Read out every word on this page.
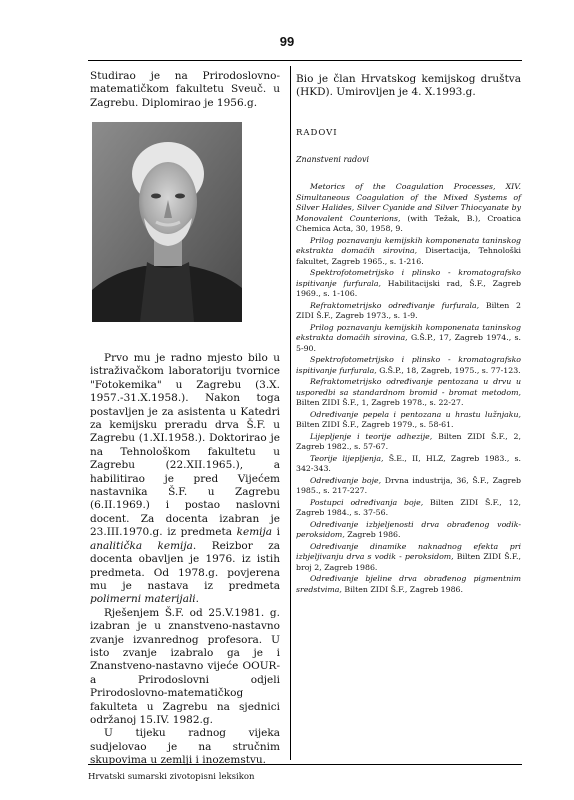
99

Studirao je na Prirodoslovno-matematičkom fakultetu Sveuč. u Zagrebu. Diplomirao je 1956.g.

Prvo mu je radno mjesto bilo u istraživačkom laboratoriju tvornice "Fotokemika" u Zagrebu (3.X. 1957.-31.X.1958.). Nakon toga postavljen je za asistenta u Katedri za kemijsku preradu drva Š.F. u Zagrebu (1.XI.1958.). Doktorirao je na Tehnološkom fakultetu u Zagrebu (22.XII.1965.), a habilitirao je pred Vijećem nastavnika Š.F. u Zagrebu (6.II.1969.) i postao naslovni docent. Za docenta izabran je 23.III.1970.g. iz predmeta kemija i analitička kemija. Reizbor za docenta obavljen je 1976. iz istih predmeta. Od 1978.g. povjerena mu je nastava iz predmeta polimerni materijali.

Rješenjem Š.F. od 25.V.1981. g. izabran je u znanstveno-nastavno zvanje izvanrednog profesora. U isto zvanje izabralo ga je i Znanstveno-nastavno vijeće OOUR-a Prirodoslovni odjeli Prirodoslovno-matematičkog fakulteta u Zagrebu na sjednici održanoj 15.IV. 1982.g.

U tijeku radnog vijeka sudjelovao je na stručnim skupovima u zemlji i inozemstvu.

Bio je član Hrvatskog kemijskog društva (HKD). Umirovljen je 4. X.1993.g.

RADOVI

Znanstveni radovi

Metorics of the Coagulation Processes, XIV. Simultaneous Coagulation of the Mixed Systems of Silver Halides, Silver Cyanide and Silver Thiocyanate by Monovalent Counterions, (with Težak, B.), Croatica Chemica Acta, 30, 1958, 9.

Prilog poznavanju kemijskih komponenata taninskog ekstrakta domaćih sirovina, Disertacija, Tehnološki fakultet, Zagreb 1965., s. 1-216.

Spektrofotometrijsko i plinsko - kromatografsko ispitivanje furfurala, Habilitacijski rad, Š.F., Zagreb 1969., s. 1-106.

Refraktometrijsko određivanje furfurala, Bilten 2 ZIDI Š.F., Zagreb 1973., s. 1-9.

Prilog poznavanju kemijskih komponenata taninskog ekstrakta domaćih sirovina, G.Š.P., 17, Zagreb 1974., s. 5-90.

Spektrofotometrijsko i plinsko - kromatografsko ispitivanje furfurala, G.Š.P., 18, Zagreb, 1975., s. 77-123.

Refraktometrijsko određivanje pentozana u drvu u usporedbi sa standardnom bromid - bromat metodom, Bilten ZIDI Š.F., 1, Zagreb 1978., s. 22-27.

Određivanje pepela i pentozana u hrastu lužnjaku, Bilten ZIDI Š.F., Zagreb 1979., s. 58-61.

Lijepljenje i teorije adhezije, Bilten ZIDI Š.F., 2, Zagreb 1982., s. 57-67.

Teorije lijepljenja, Š.E., II, HLZ, Zagreb 1983., s. 342-343.

Određivanje boje, Drvna industrija, 36, Š.F., Zagreb 1985., s. 217-227.

Postupci određivanja boje, Bilten ZIDI Š.F., 12, Zagreb 1984., s. 37-56.

Određivanje izbjeljenosti drva obrađenog vodik-peroksidom, Zagreb 1986.

Određivanje dinamike naknadnog efekta pri izbjeljivanju drva s vodik - peroksidom, Bilten ZIDI Š.F., broj 2, Zagreb 1986.

Određivanje bjeline drva obrađenog pigmentnim sredstvima, Bilten ZIDI Š.F., Zagreb 1986.

Hrvatski sumarski zivotopisni leksikon
